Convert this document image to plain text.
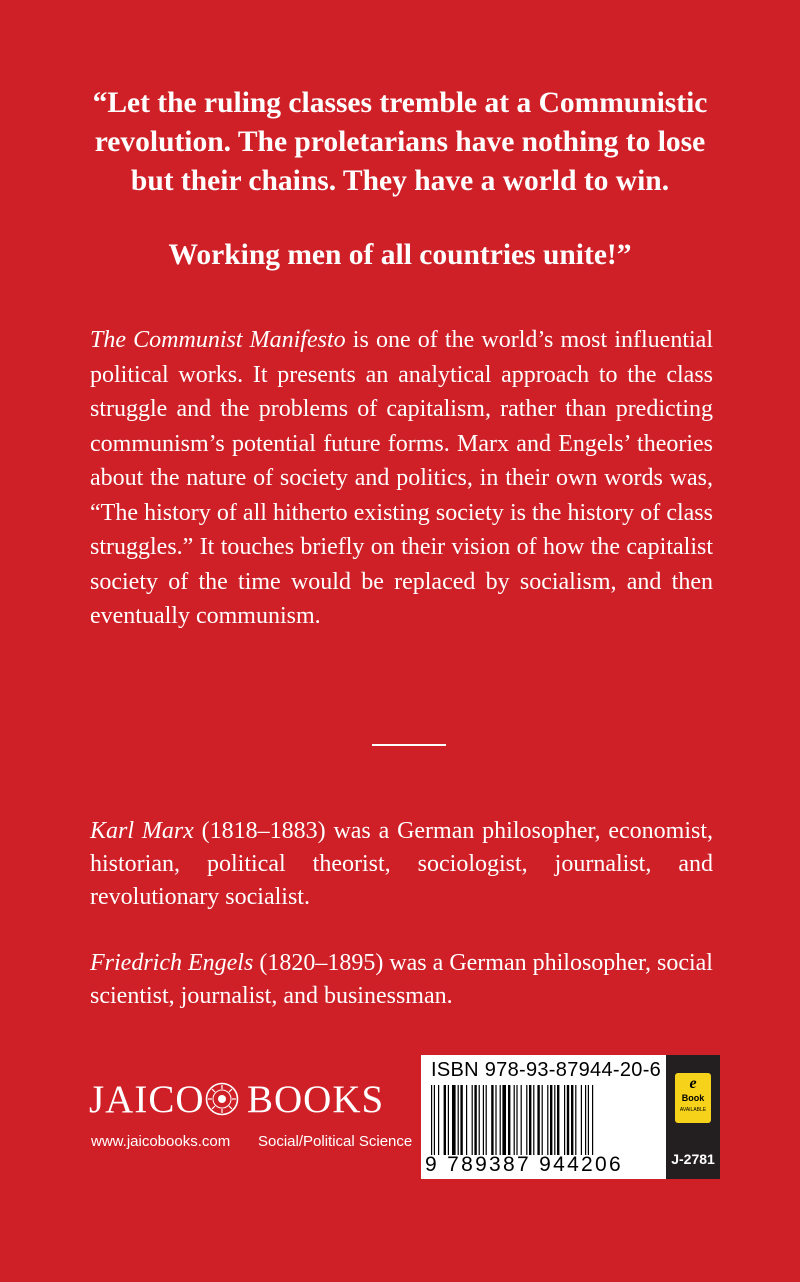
“Let the ruling classes tremble at a Communistic

revolution. The proletarians have nothing to lose

but their chains. They have a world to win.

Working men of all countries unite!”

The Communist Manifesto is one of the world’s most influential political works. It presents an analytical approach to the class struggle and the problems of capitalism, rather than predicting communism’s potential future forms. Marx and Engels’ theories about the nature of society and politics, in their own words was, “The history of all hitherto existing society is the history of class struggles.” It touches briefly on their vision of how the capitalist society of the time would be replaced by socialism, and then eventually communism.

Karl Marx (1818–1883) was a German philosopher, economist, historian, political theorist, sociologist, journalist, and revolutionary socialist.

Friedrich Engels (1820–1895) was a German philosopher, social scientist, journalist, and businessman.

JAICO BOOKS
www.jaicobooks.com Social/Political Science
ISBN 978-93-87944-20-6
9 789387 944206
e
Book
AVAILABLE
J-2781
